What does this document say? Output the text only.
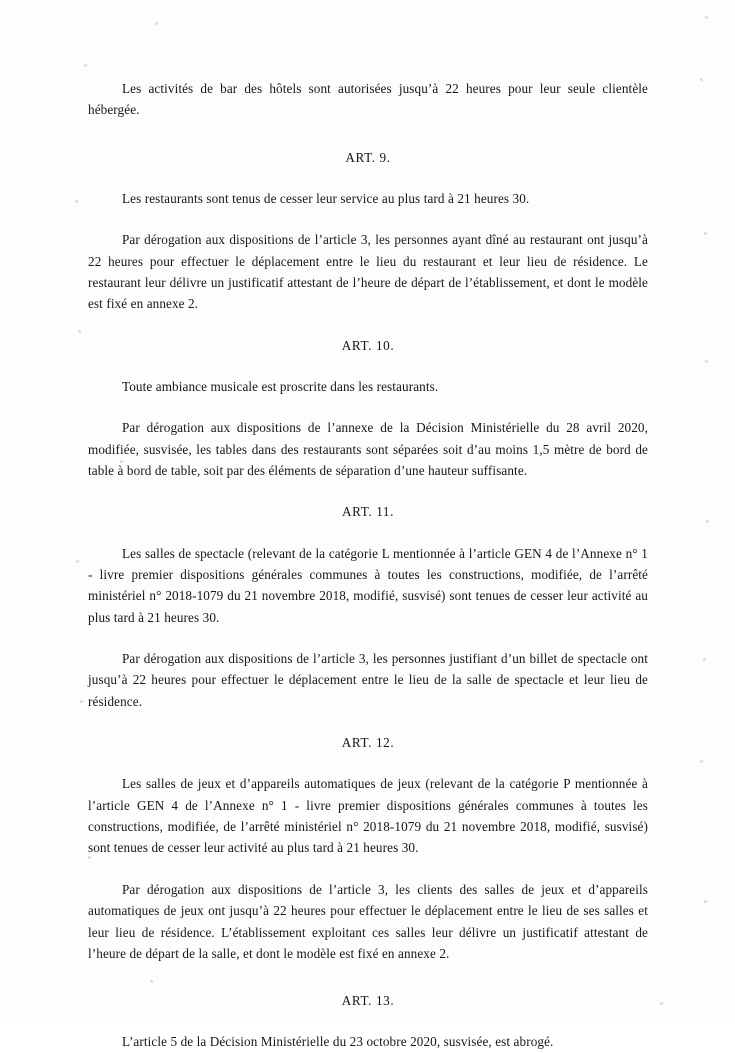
Les activités de bar des hôtels sont autorisées jusqu’à 22 heures pour leur seule clientèle hébergée.

ART. 9.

Les restaurants sont tenus de cesser leur service au plus tard à 21 heures 30.

Par dérogation aux dispositions de l’article 3, les personnes ayant dîné au restaurant ont jusqu’à 22 heures pour effectuer le déplacement entre le lieu du restaurant et leur lieu de résidence. Le restaurant leur délivre un justificatif attestant de l’heure de départ de l’établissement, et dont le modèle est fixé en annexe 2.

ART. 10.

Toute ambiance musicale est proscrite dans les restaurants.

Par dérogation aux dispositions de l’annexe de la Décision Ministérielle du 28 avril 2020, modifiée, susvisée, les tables dans des restaurants sont séparées soit d’au moins 1,5 mètre de bord de table à bord de table, soit par des éléments de séparation d’une hauteur suffisante.

ART. 11.

Les salles de spectacle (relevant de la catégorie L mentionnée à l’article GEN 4 de l’Annexe n° 1 - livre premier dispositions générales communes à toutes les constructions, modifiée, de l’arrêté ministériel n° 2018-1079 du 21 novembre 2018, modifié, susvisé) sont tenues de cesser leur activité au plus tard à 21 heures 30.

Par dérogation aux dispositions de l’article 3, les personnes justifiant d’un billet de spectacle ont jusqu’à 22 heures pour effectuer le déplacement entre le lieu de la salle de spectacle et leur lieu de résidence.

ART. 12.

Les salles de jeux et d’appareils automatiques de jeux (relevant de la catégorie P mentionnée à l’article GEN 4 de l’Annexe n° 1 - livre premier dispositions générales communes à toutes les constructions, modifiée, de l’arrêté ministériel n° 2018-1079 du 21 novembre 2018, modifié, susvisé) sont tenues de cesser leur activité au plus tard à 21 heures 30.

Par dérogation aux dispositions de l’article 3, les clients des salles de jeux et d’appareils automatiques de jeux ont jusqu’à 22 heures pour effectuer le déplacement entre le lieu de ses salles et leur lieu de résidence. L’établissement exploitant ces salles leur délivre un justificatif attestant de l’heure de départ de la salle, et dont le modèle est fixé en annexe 2.

ART. 13.

L’article 5 de la Décision Ministérielle du 23 octobre 2020, susvisée, est abrogé.
